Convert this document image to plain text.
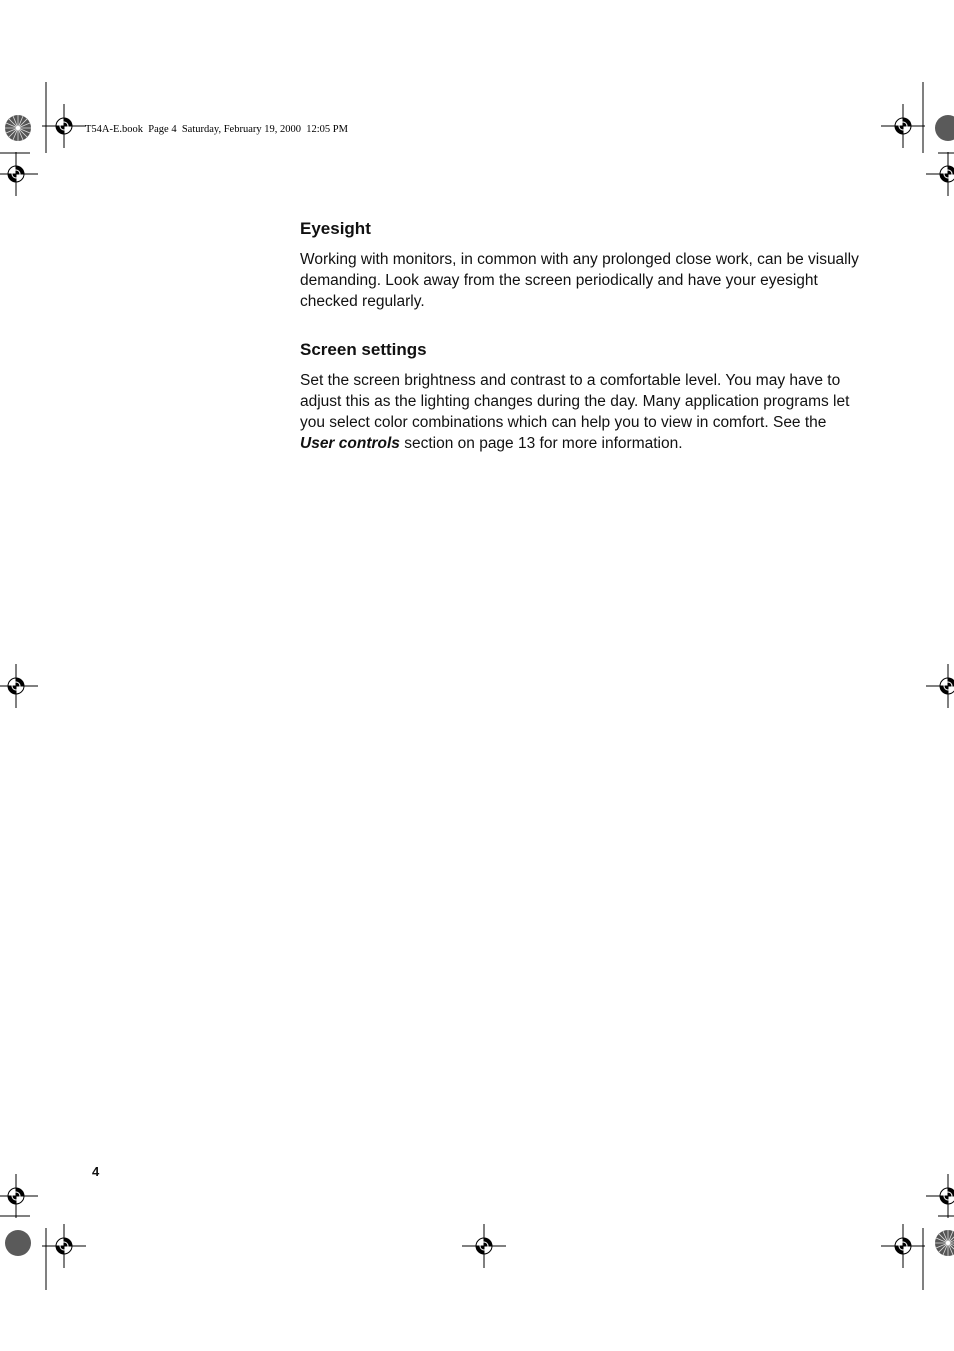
T54A-E.book  Page 4  Saturday, February 19, 2000  12:05 PM
Eyesight

Working with monitors, in common with any prolonged close work, can be visually demanding. Look away from the screen periodically and have your eyesight checked regularly.

Screen settings

Set the screen brightness and contrast to a comfortable level. You may have to adjust this as the lighting changes during the day. Many application programs let you select color combinations which can help you to view in comfort. See the User controls section on page 13 for more information.

4
